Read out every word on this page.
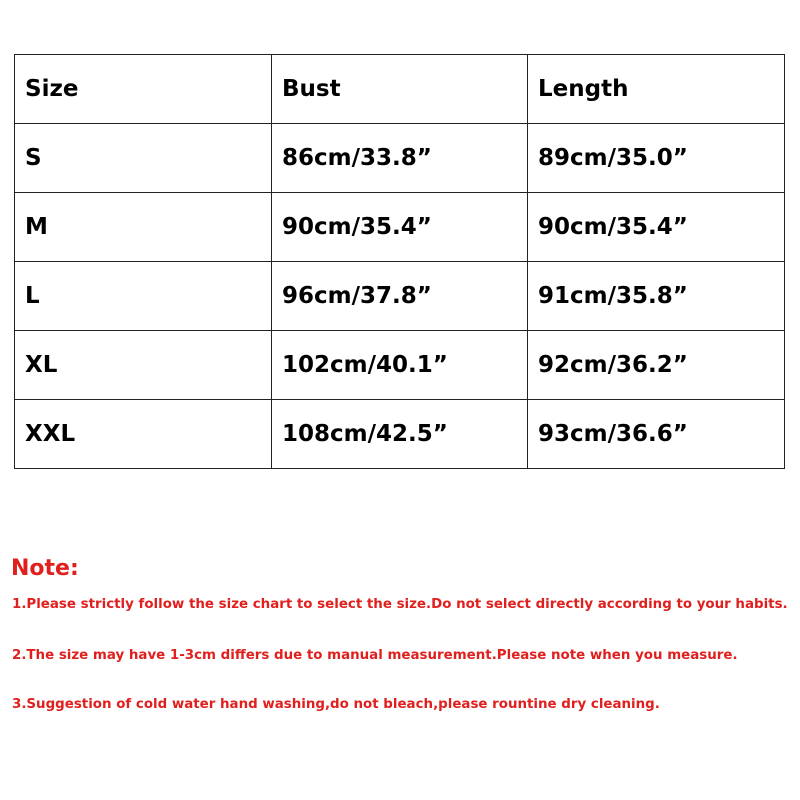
Size	Bust	Length
S	86cm/33.8”	89cm/35.0”
M	90cm/35.4”	90cm/35.4”
L	96cm/37.8”	91cm/35.8”
XL	102cm/40.1”	92cm/36.2”
XXL	108cm/42.5”	93cm/36.6”

Note:

1.Please strictly follow the size chart to select the size.Do not select directly according to your habits.

2.The size may have 1-3cm differs due to manual measurement.Please note when you measure.

3.Suggestion of cold water hand washing,do not bleach,please rountine dry cleaning.
